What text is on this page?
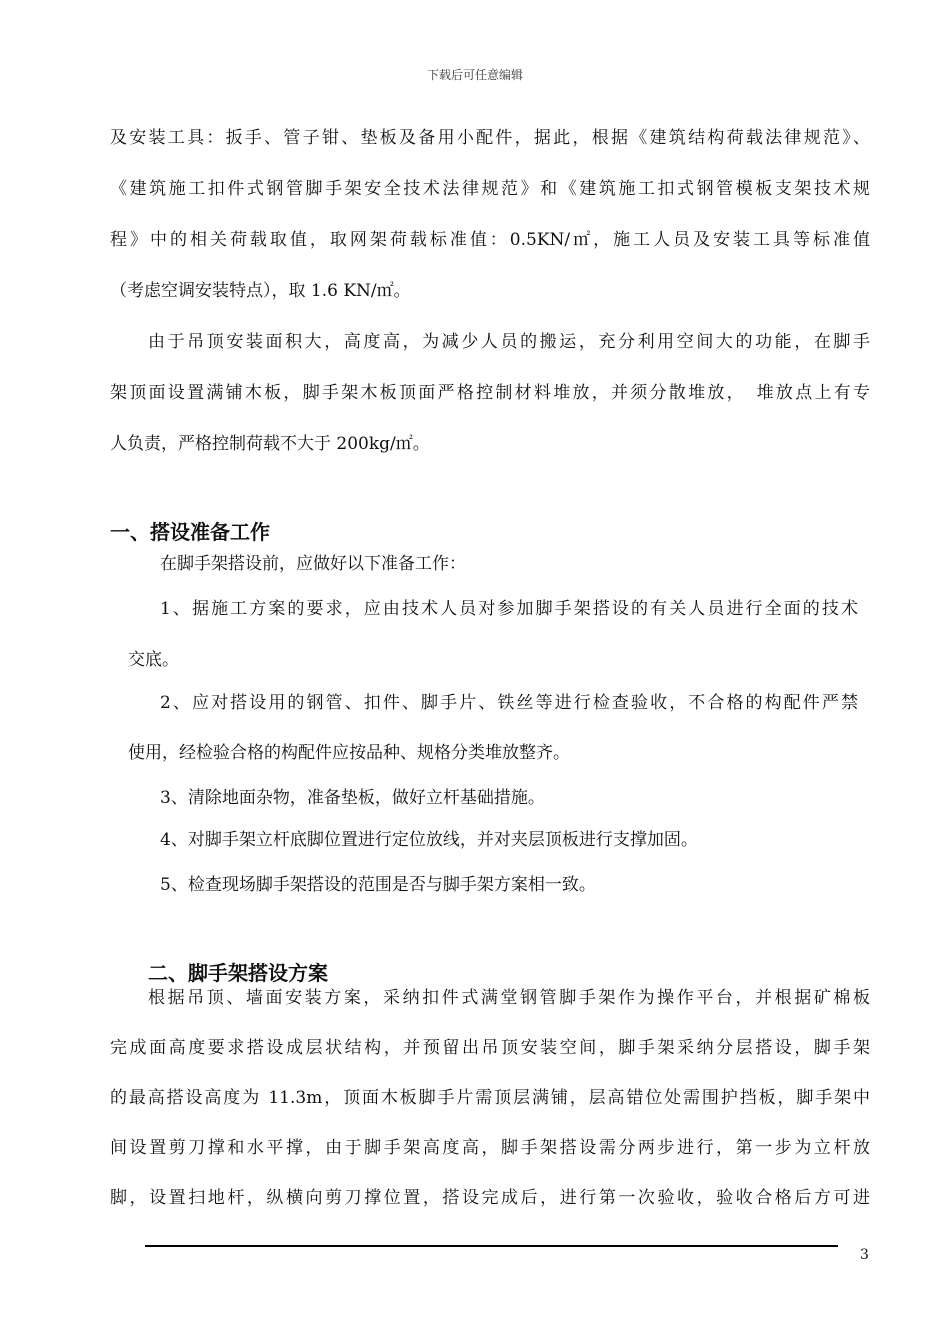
下载后可任意编辑
及安装工具：扳手、管子钳、垫板及备用小配件，据此，根据《建筑结构荷载法律规范》、
《建筑施工扣件式钢管脚手架安全技术法律规范》和《建筑施工扣式钢管模板支架技术规
程》中的相关荷载取值，取网架荷载标准值：0.5KN/㎡，施工人员及安装工具等标准值
（考虑空调安装特点），取 1.6 KN/㎡。
由于吊顶安装面积大，高度高，为减少人员的搬运，充分利用空间大的功能，在脚手
架顶面设置满铺木板，脚手架木板顶面严格控制材料堆放，并须分散堆放，　堆放点上有专
人负责，严格控制荷载不大于 200kg/㎡。
一、搭设准备工作
在脚手架搭设前，应做好以下准备工作：
1、据施工方案的要求，应由技术人员对参加脚手架搭设的有关人员进行全面的技术
交底。
2、应对搭设用的钢管、扣件、脚手片、铁丝等进行检查验收，不合格的构配件严禁
使用，经检验合格的构配件应按品种、规格分类堆放整齐。
3、清除地面杂物，准备垫板，做好立杆基础措施。
4、对脚手架立杆底脚位置进行定位放线，并对夹层顶板进行支撑加固。
5、检查现场脚手架搭设的范围是否与脚手架方案相一致。
二、脚手架搭设方案
根据吊顶、墙面安装方案，采纳扣件式满堂钢管脚手架作为操作平台，并根据矿棉板
完成面高度要求搭设成层状结构，并预留出吊顶安装空间，脚手架采纳分层搭设，脚手架
的最高搭设高度为 11.3m，顶面木板脚手片需顶层满铺，层高错位处需围护挡板，脚手架中
间设置剪刀撑和水平撑，由于脚手架高度高，脚手架搭设需分两步进行，第一步为立杆放
脚，设置扫地杆，纵横向剪刀撑位置，搭设完成后，进行第一次验收，验收合格后方可进
3
